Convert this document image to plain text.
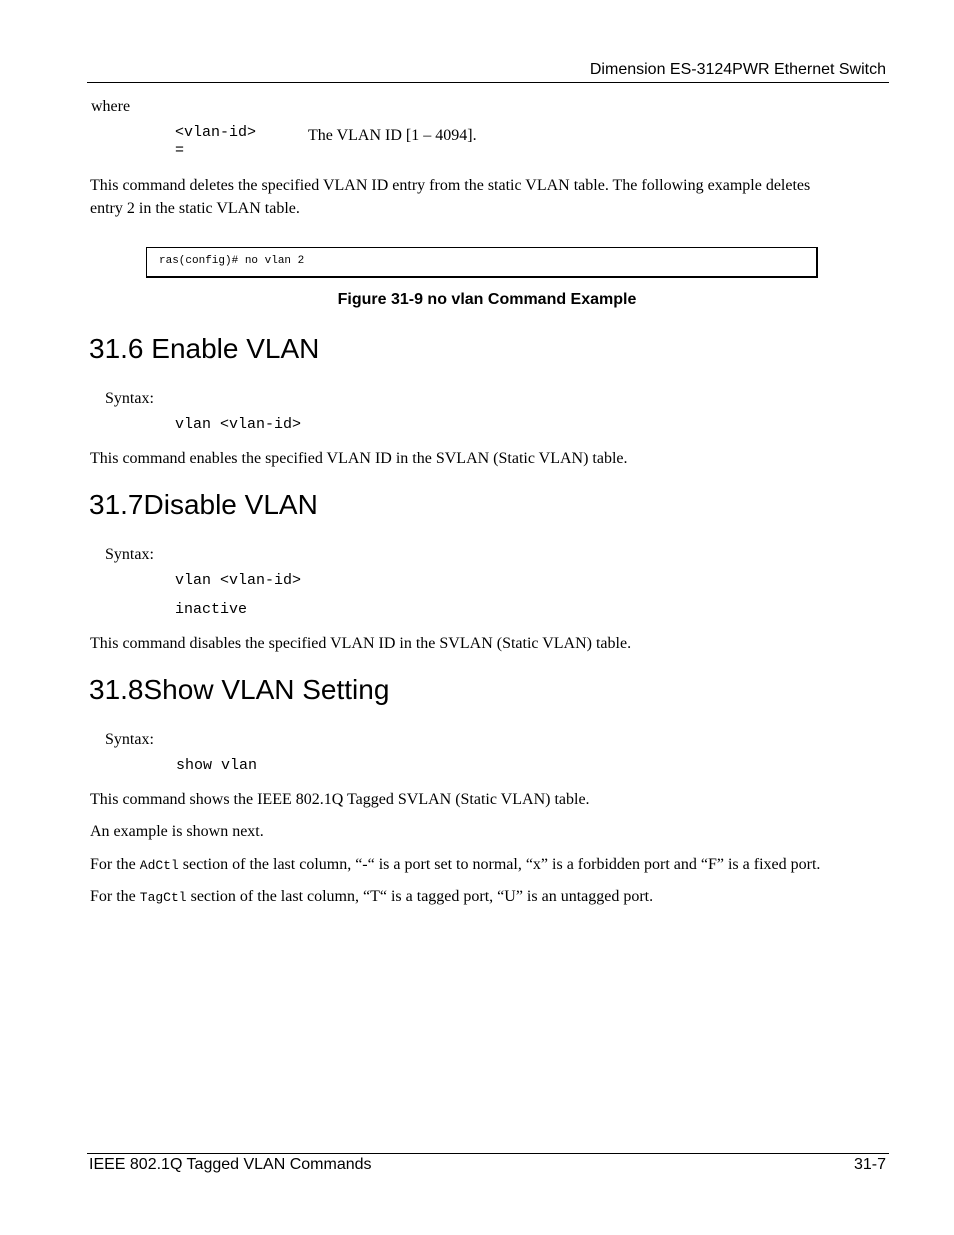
Dimension ES-3124PWR Ethernet Switch
where
<vlan-id>
=
The VLAN ID [1 – 4094].
This command deletes the specified VLAN ID entry from the static VLAN table. The following example deletes
entry 2 in the static VLAN table.
ras(config)# no vlan 2
Figure 31-9 no vlan Command Example
31.6 Enable VLAN
Syntax:
vlan <vlan-id>
This command enables the specified VLAN ID in the SVLAN (Static VLAN) table.
31.7Disable VLAN
Syntax:
vlan <vlan-id>
inactive
This command disables the specified VLAN ID in the SVLAN (Static VLAN) table.
31.8Show VLAN Setting
Syntax:
show vlan
This command shows the IEEE 802.1Q Tagged SVLAN (Static VLAN) table.
An example is shown next.
For the AdCtl section of the last column, “-“ is a port set to normal, “x” is a forbidden port and “F” is a fixed port.
For the TagCtl section of the last column, “T“ is a tagged port, “U” is an untagged port.
IEEE 802.1Q Tagged VLAN Commands	31-7
